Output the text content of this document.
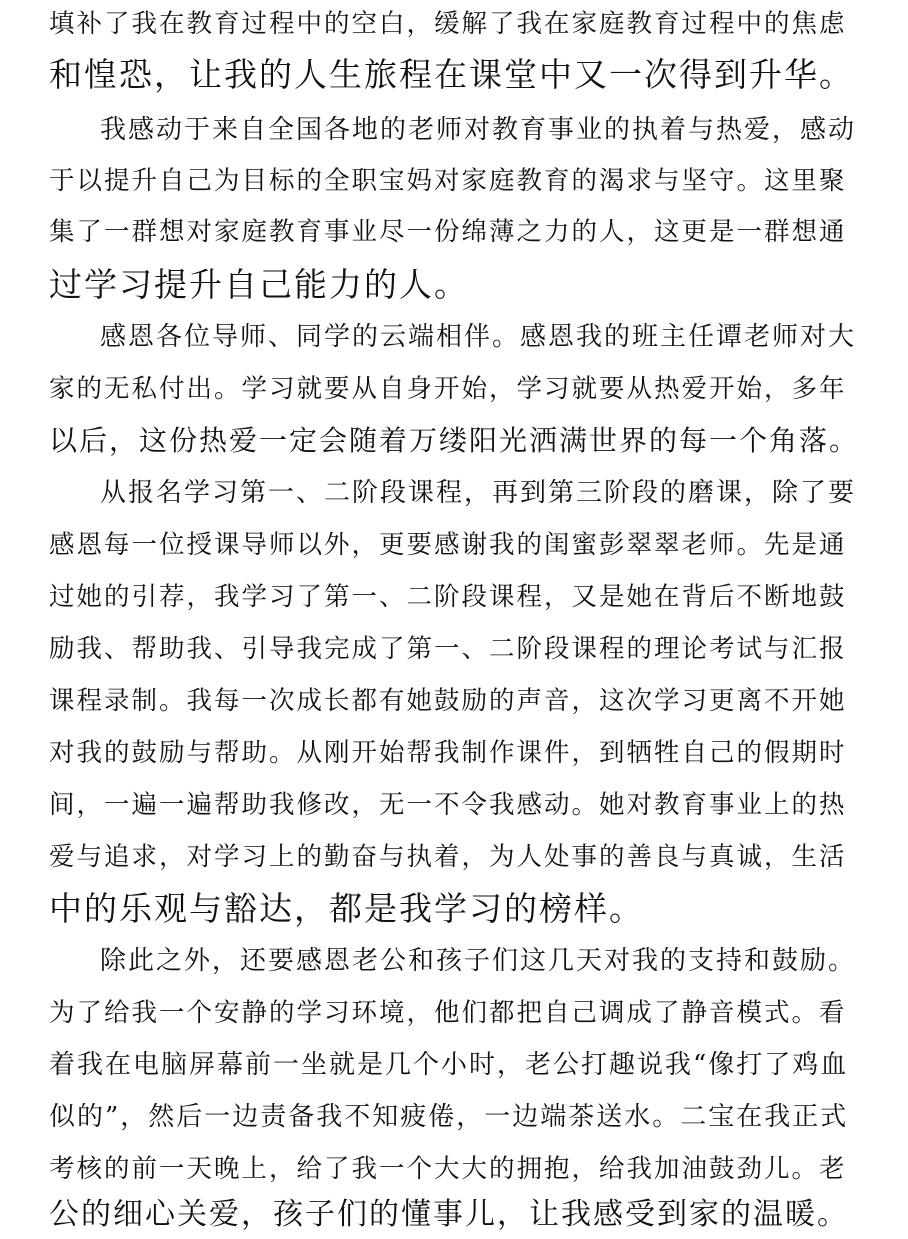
填补了我在教育过程中的空白，缓解了我在家庭教育过程中的焦虑
和惶恐，让我的人生旅程在课堂中又一次得到升华。
我感动于来自全国各地的老师对教育事业的执着与热爱，感动
于以提升自己为目标的全职宝妈对家庭教育的渴求与坚守。这里聚
集了一群想对家庭教育事业尽一份绵薄之力的人，这更是一群想通
过学习提升自己能力的人。
感恩各位导师、同学的云端相伴。感恩我的班主任谭老师对大
家的无私付出。学习就要从自身开始，学习就要从热爱开始，多年
以后，这份热爱一定会随着万缕阳光洒满世界的每一个角落。
从报名学习第一、二阶段课程，再到第三阶段的磨课，除了要
感恩每一位授课导师以外，更要感谢我的闺蜜彭翠翠老师。先是通
过她的引荐，我学习了第一、二阶段课程，又是她在背后不断地鼓
励我、帮助我、引导我完成了第一、二阶段课程的理论考试与汇报
课程录制。我每一次成长都有她鼓励的声音，这次学习更离不开她
对我的鼓励与帮助。从刚开始帮我制作课件，到牺牲自己的假期时
间，一遍一遍帮助我修改，无一不令我感动。她对教育事业上的热
爱与追求，对学习上的勤奋与执着，为人处事的善良与真诚，生活
中的乐观与豁达，都是我学习的榜样。
除此之外，还要感恩老公和孩子们这几天对我的支持和鼓励。
为了给我一个安静的学习环境，他们都把自己调成了静音模式。看
着我在电脑屏幕前一坐就是几个小时，老公打趣说我“像打了鸡血
似的”，然后一边责备我不知疲倦，一边端茶送水。二宝在我正式
考核的前一天晚上，给了我一个大大的拥抱，给我加油鼓劲儿。老
公的细心关爱，孩子们的懂事儿，让我感受到家的温暖。
